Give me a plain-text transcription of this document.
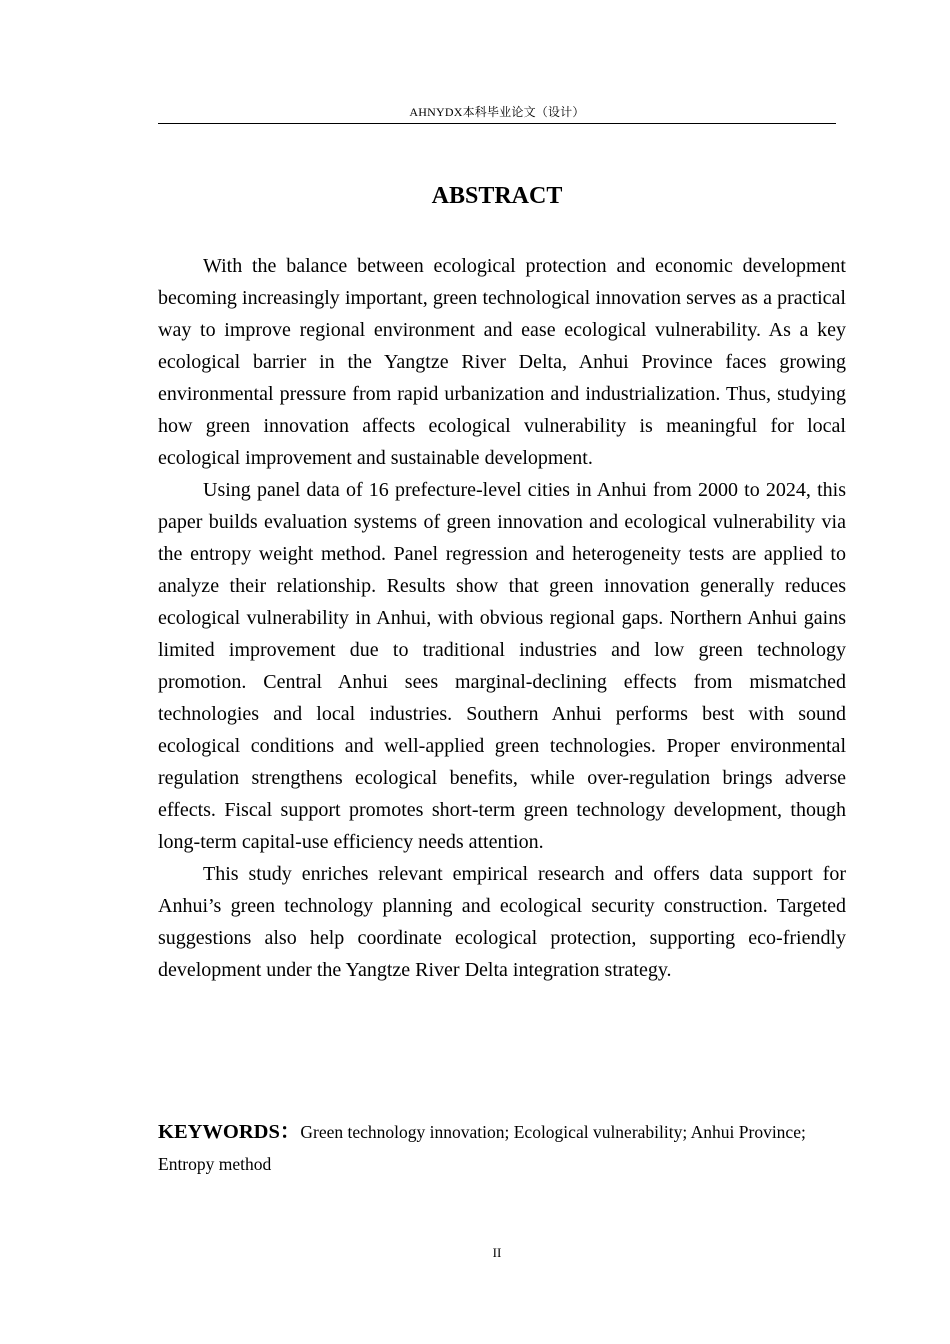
AHNYDX本科毕业论文（设计）
ABSTRACT

With the balance between ecological protection and economic development becoming increasingly important, green technological innovation serves as a practical way to improve regional environment and ease ecological vulnerability. As a key ecological barrier in the Yangtze River Delta, Anhui Province faces growing environmental pressure from rapid urbanization and industrialization. Thus, studying how green innovation affects ecological vulnerability is meaningful for local ecological improvement and sustainable development.

Using panel data of 16 prefecture-level cities in Anhui from 2000 to 2024, this paper builds evaluation systems of green innovation and ecological vulnerability via the entropy weight method. Panel regression and heterogeneity tests are applied to analyze their relationship. Results show that green innovation generally reduces ecological vulnerability in Anhui, with obvious regional gaps. Northern Anhui gains limited improvement due to traditional industries and low green technology promotion. Central Anhui sees marginal-declining effects from mismatched technologies and local industries. Southern Anhui performs best with sound ecological conditions and well-applied green technologies. Proper environmental regulation strengthens ecological benefits, while over-regulation brings adverse effects. Fiscal support promotes short-term green technology development, though long-term capital-use efficiency needs attention.

This study enriches relevant empirical research and offers data support for Anhui’s green technology planning and ecological security construction. Targeted suggestions also help coordinate ecological protection, supporting eco-friendly development under the Yangtze River Delta integration strategy.

KEYWORDS：Green technology innovation; Ecological vulnerability; Anhui Province; Entropy method
II
